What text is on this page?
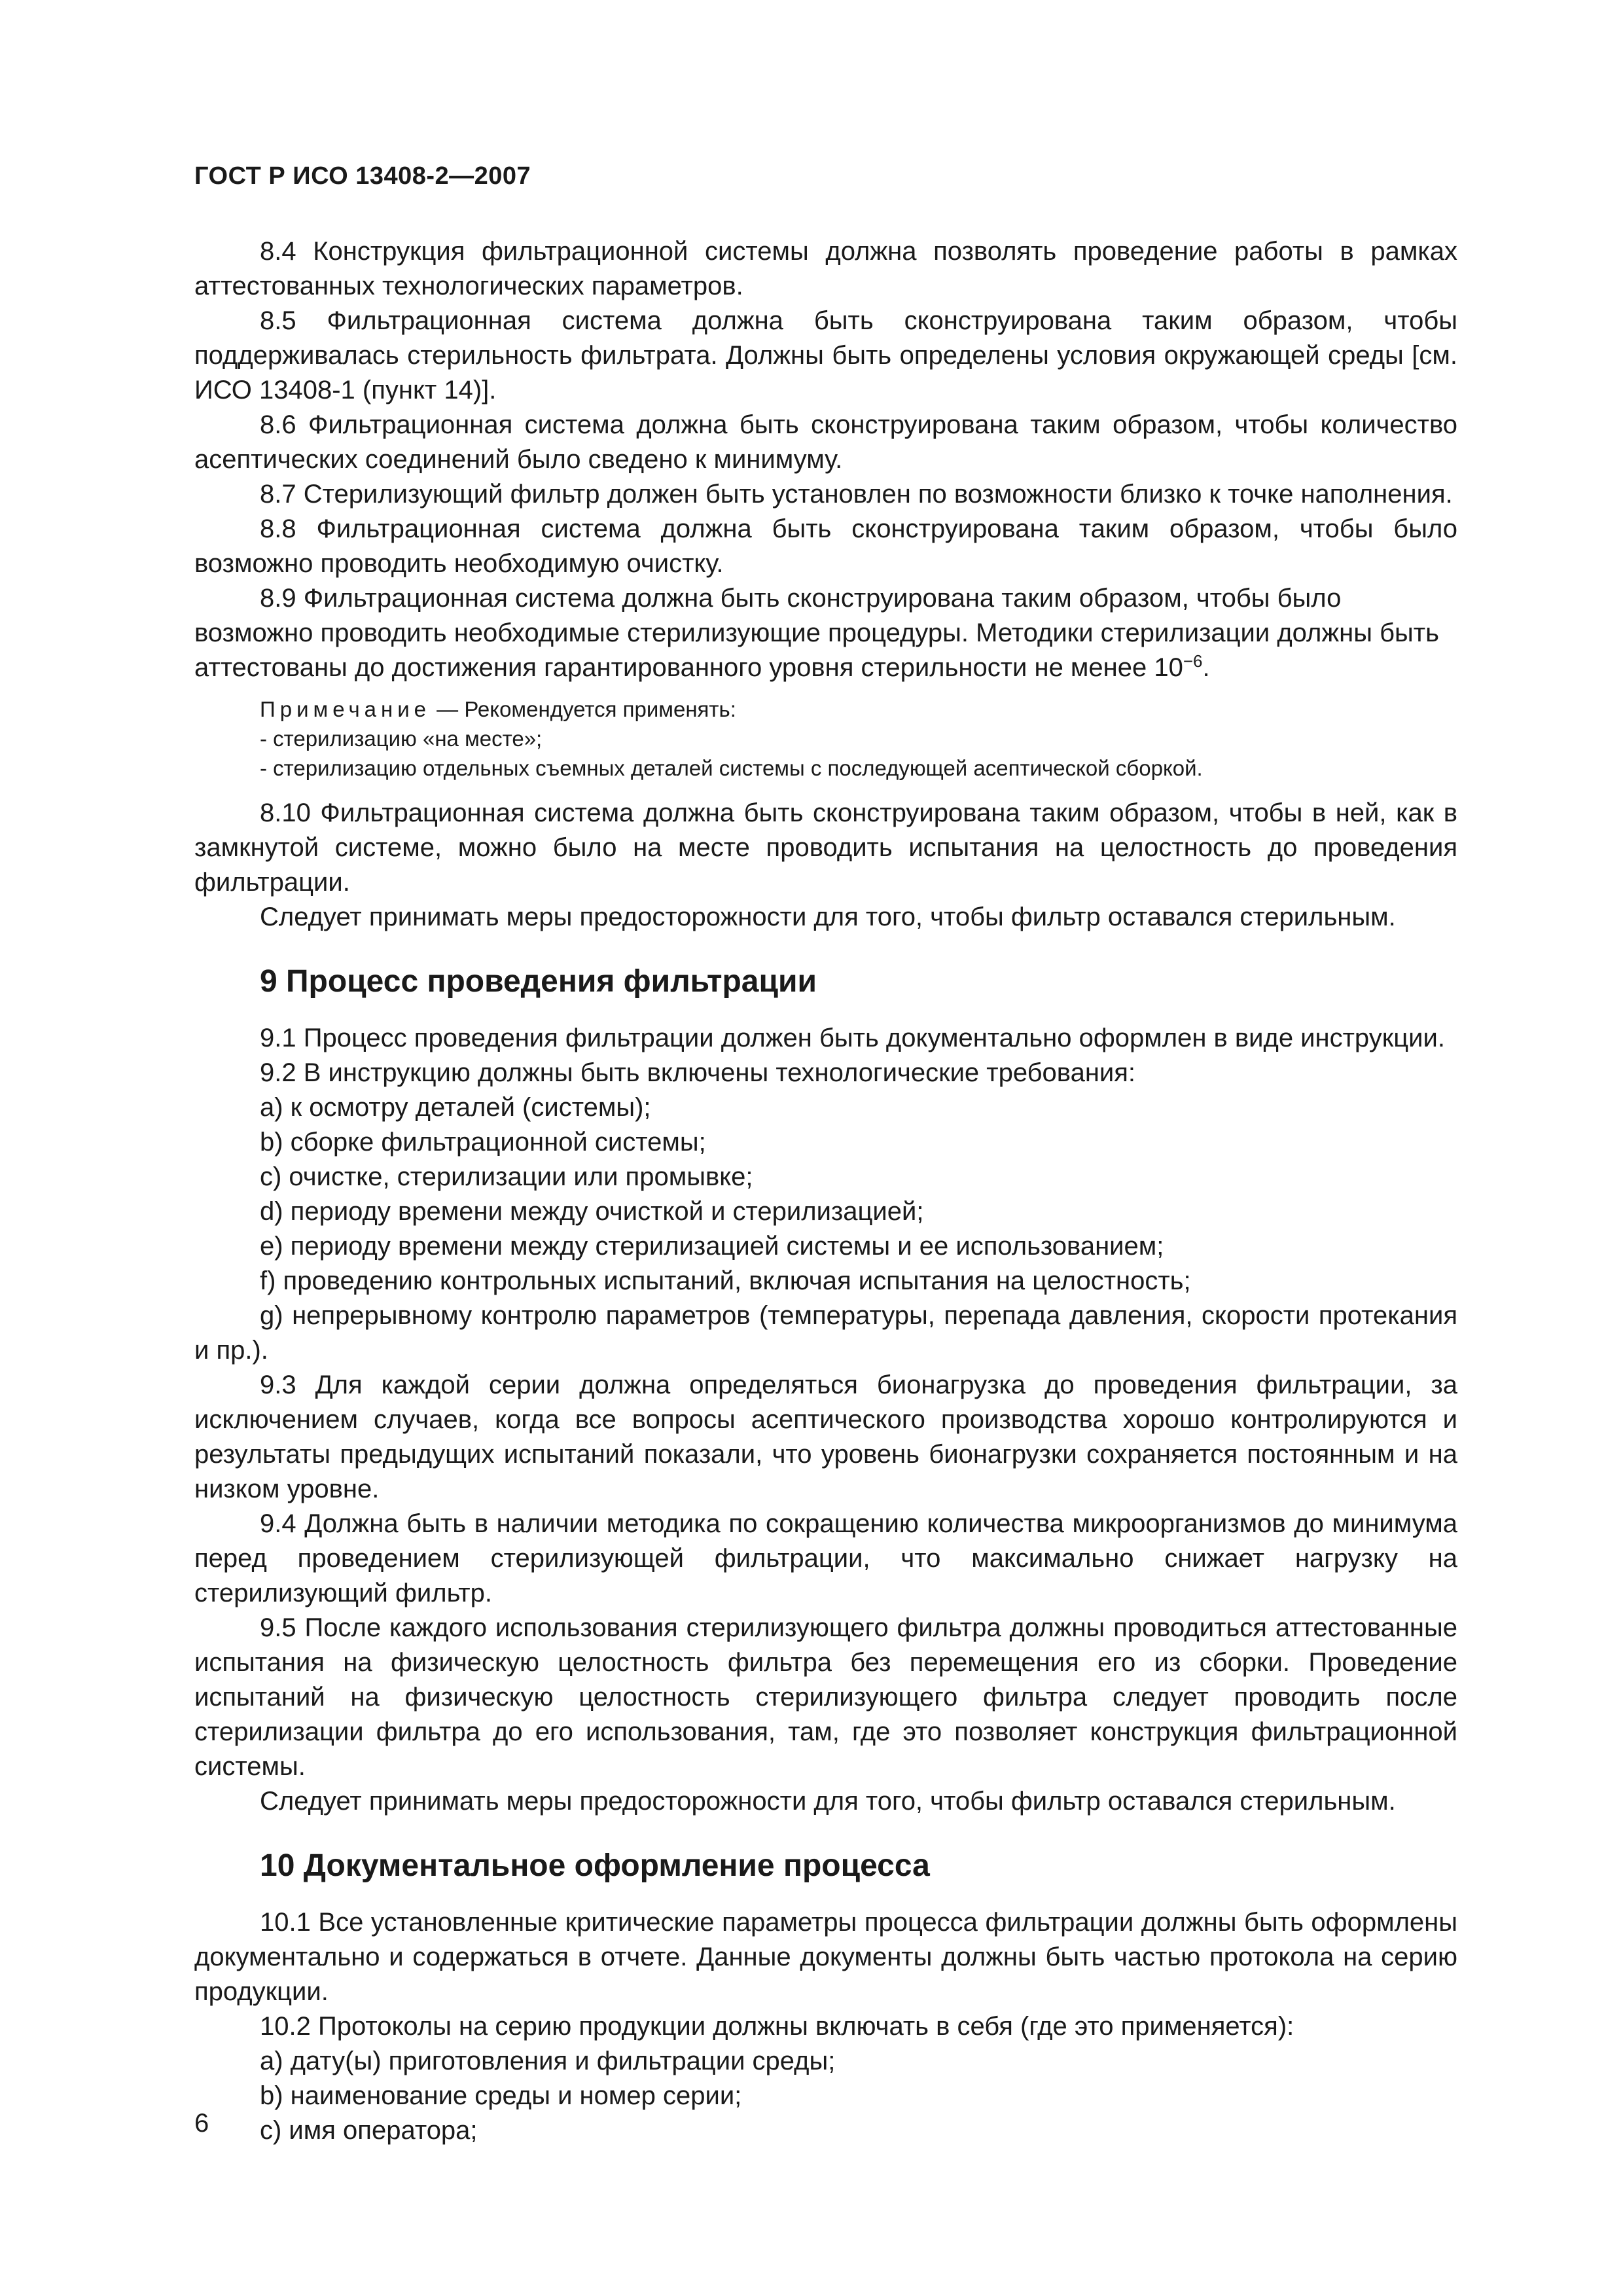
ГОСТ Р ИСО 13408-2—2007

8.4 Конструкция фильтрационной системы должна позволять проведение работы в рамках аттестованных технологических параметров.

8.5 Фильтрационная система должна быть сконструирована таким образом, чтобы поддерживалась стерильность фильтрата. Должны быть определены условия окружающей среды [см. ИСО 13408-1 (пункт 14)].

8.6 Фильтрационная система должна быть сконструирована таким образом, чтобы количество асептических соединений было сведено к минимуму.

8.7 Стерилизующий фильтр должен быть установлен по возможности близко к точке наполнения.

8.8 Фильтрационная система должна быть сконструирована таким образом, чтобы было возможно проводить необходимую очистку.

8.9 Фильтрационная система должна быть сконструирована таким образом, чтобы было возможно проводить необходимые стерилизующие процедуры. Методики стерилизации должны быть аттестованы до достижения гарантированного уровня стерильности не менее $10^{-6}$.

Примечание — Рекомендуется применять:
- стерилизацию «на месте»;
- стерилизацию отдельных съемных деталей системы с последующей асептической сборкой.

8.10 Фильтрационная система должна быть сконструирована таким образом, чтобы в ней, как в замкнутой системе, можно было на месте проводить испытания на целостность до проведения фильтрации.

Следует принимать меры предосторожности для того, чтобы фильтр оставался стерильным.

9 Процесс проведения фильтрации

9.1 Процесс проведения фильтрации должен быть документально оформлен в виде инструкции.

9.2 В инструкцию должны быть включены технологические требования:

a) к осмотру деталей (системы);

b) сборке фильтрационной системы;

c) очистке, стерилизации или промывке;

d) периоду времени между очисткой и стерилизацией;

e) периоду времени между стерилизацией системы и ее использованием;

f) проведению контрольных испытаний, включая испытания на целостность;

g) непрерывному контролю параметров (температуры, перепада давления, скорости протекания и пр.).

9.3 Для каждой серии должна определяться бионагрузка до проведения фильтрации, за исключением случаев, когда все вопросы асептического производства хорошо контролируются и результаты предыдущих испытаний показали, что уровень бионагрузки сохраняется постоянным и на низком уровне.

9.4 Должна быть в наличии методика по сокращению количества микроорганизмов до минимума перед проведением стерилизующей фильтрации, что максимально снижает нагрузку на стерилизующий фильтр.

9.5 После каждого использования стерилизующего фильтра должны проводиться аттестованные испытания на физическую целостность фильтра без перемещения его из сборки. Проведение испытаний на физическую целостность стерилизующего фильтра следует проводить после стерилизации фильтра до его использования, там, где это позволяет конструкция фильтрационной системы.

Следует принимать меры предосторожности для того, чтобы фильтр оставался стерильным.

10 Документальное оформление процесса

10.1 Все установленные критические параметры процесса фильтрации должны быть оформлены документально и содержаться в отчете. Данные документы должны быть частью протокола на серию продукции.

10.2 Протоколы на серию продукции должны включать в себя (где это применяется):

a) дату(ы) приготовления и фильтрации среды;

b) наименование среды и номер серии;

c) имя оператора;

6
